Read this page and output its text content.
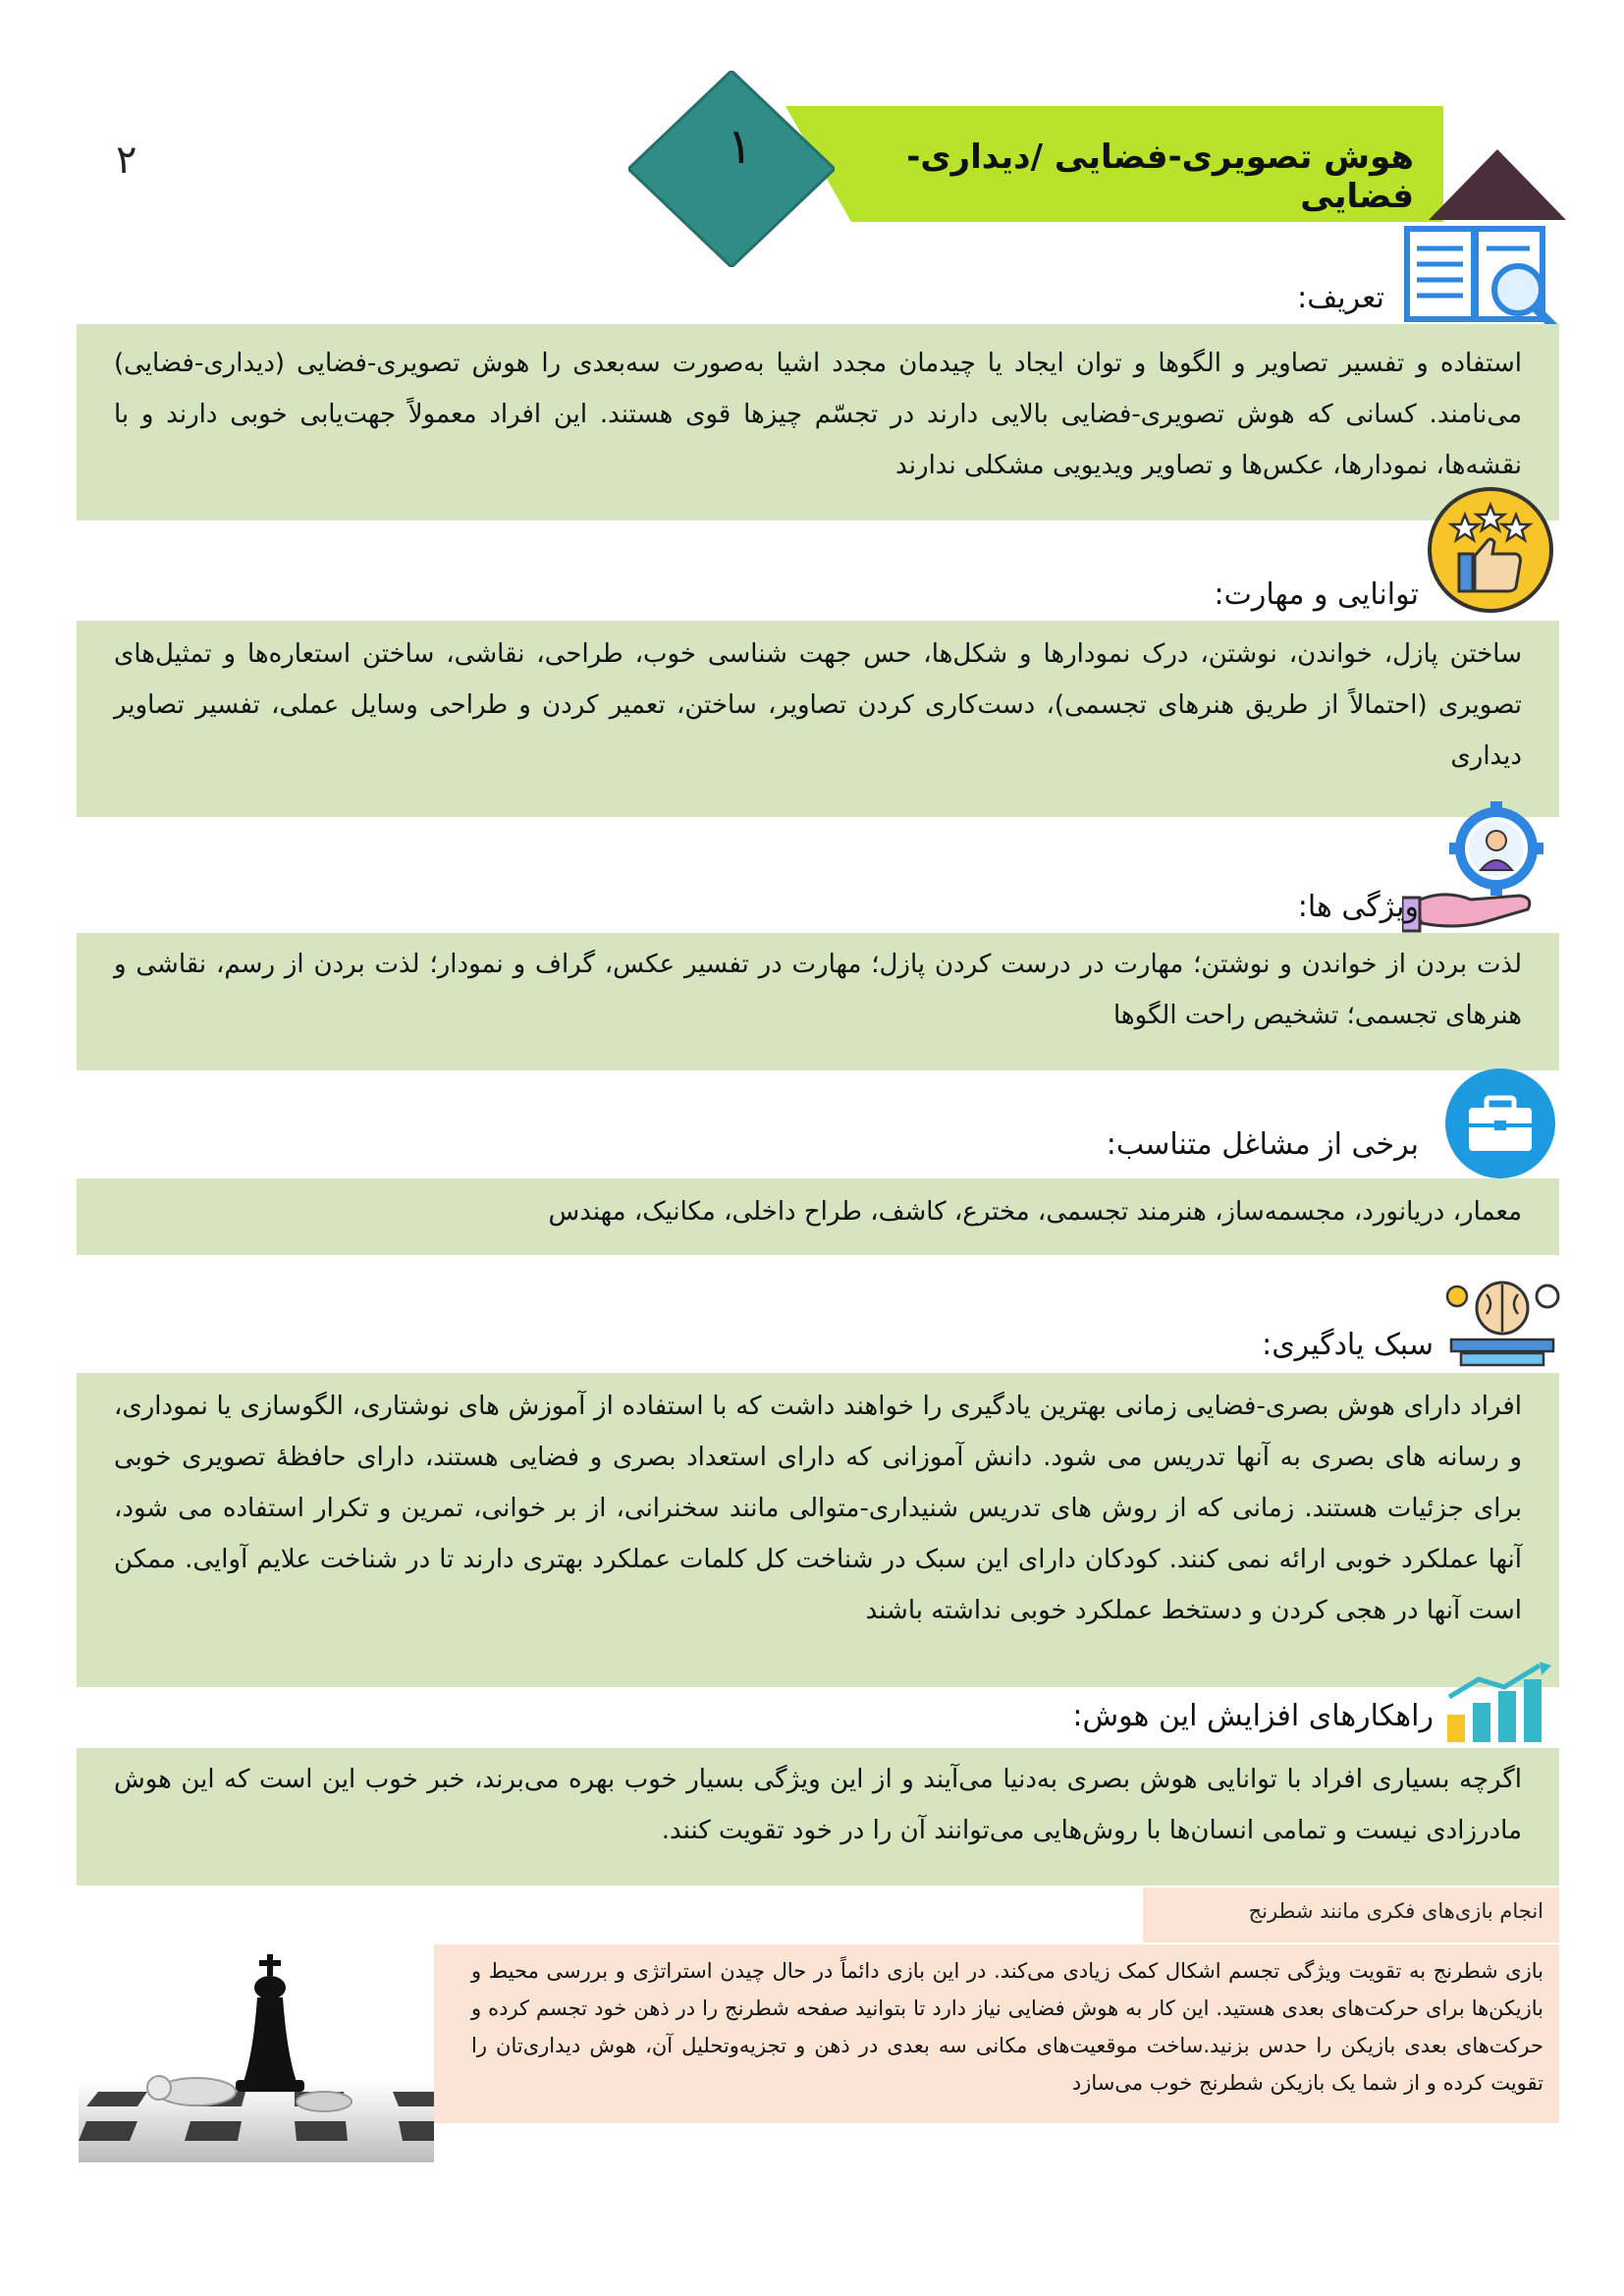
۲	۱	هوش تصویری-فضایی /دیداری-فضایی
تعریف:

استفاده و تفسیر تصاویر و الگوها و توان ایجاد یا چیدمان مجدد اشیا به‌صورت سه‌بعدی را هوش تصویری-فضایی (دیداری-فضایی) می‌نامند. کسانی که هوش تصویری-فضایی بالایی دارند در تجسّم چیزها قوی هستند. این افراد معمولاً جهت‌یابی خوبی دارند و با نقشه‌ها، نمودارها، عکس‌ها و تصاویر ویدیویی مشکلی ندارند

توانایی و مهارت:

ساختن پازل، خواندن، نوشتن، درک نمودارها و شکل‌ها، حس جهت شناسی خوب، طراحی، نقاشی، ساختن استعاره‌ها و تمثیل‌های تصویری (احتمالاً از طریق هنرهای تجسمی)، دست‌کاری کردن تصاویر، ساختن، تعمیر کردن و طراحی وسایل عملی، تفسیر تصاویر دیداری

ویژگی ها:

لذت بردن از خواندن و نوشتن؛ مهارت در درست کردن پازل؛ مهارت در تفسیر عکس، گراف و نمودار؛ لذت بردن از رسم، نقاشی و هنرهای تجسمی؛ تشخیص راحت الگوها

برخی از مشاغل متناسب:

معمار، دریانورد، مجسمه‌ساز، هنرمند تجسمی، مخترع، کاشف، طراح داخلی، مکانیک، مهندس

سبک یادگیری:

افراد دارای هوش بصری-فضایی زمانی بهترین یادگیری را خواهند داشت که با استفاده از آموزش های نوشتاری، الگوسازی یا نموداری، و رسانه های بصری به آنها تدریس می شود. دانش آموزانی که دارای استعداد بصری و فضایی هستند، دارای حافظهٔ تصویری خوبی برای جزئیات هستند. زمانی که از روش های تدریس شنیداری-متوالی مانند سخنرانی، از بر خوانی، تمرین و تکرار استفاده می شود، آنها عملکرد خوبی ارائه نمی کنند. کودکان دارای این سبک در شناخت کل کلمات عملکرد بهتری دارند تا در شناخت علایم آوایی. ممکن است آنها در هجی کردن و دستخط عملکرد خوبی نداشته باشند

راهکارهای افزایش این هوش:

اگرچه بسیاری افراد با توانایی هوش بصری به‌دنیا می‌آیند و از این ویژگی بسیار خوب بهره می‌برند، خبر خوب این است که این هوش مادرزادی نیست و تمامی انسان‌ها با روش‌هایی می‌توانند آن را در خود تقویت کنند.

انجام بازی‌های فکری مانند شطرنج

بازی شطرنج به تقویت ویژگی تجسم اشکال کمک زیادی می‌کند. در این بازی دائماً در حال چیدن استراتژی و بررسی محیط و بازیکن‌ها برای حرکت‌های بعدی هستید. این کار به هوش فضایی نیاز دارد تا بتوانید صفحه شطرنج را در ذهن خود تجسم کرده و حرکت‌های بعدی بازیکن را حدس بزنید.ساخت موقعیت‌های مکانی سه بعدی در ذهن و تجزیه‌وتحلیل آن، هوش دیداری‌تان را تقویت کرده و از شما یک بازیکن شطرنج خوب می‌سازد
